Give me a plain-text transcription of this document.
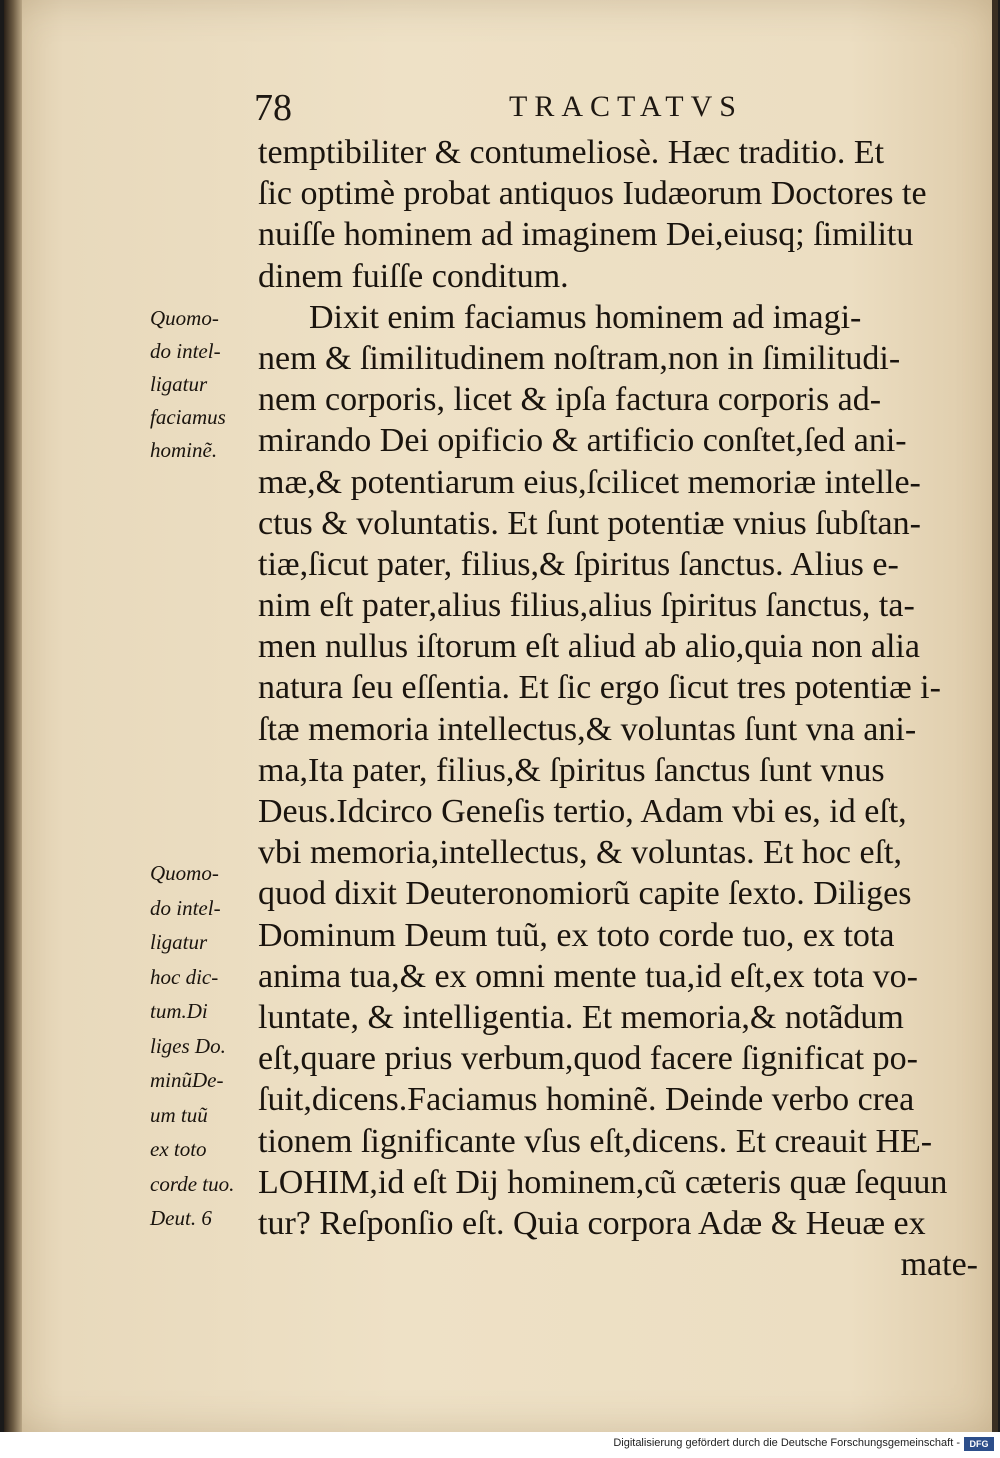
78	TRACTATVS
Quomo-
do intel-
ligatur
faciamus
hominẽ.
Quomo-
do intel-
ligatur
hoc dic-
tum.Di
liges Do.
minũDe-
um tuũ
ex toto
corde tuo.
Deut. 6
temptibiliter & contumeliosè. Hæc traditio. Et
ſic optimè probat antiquos Iudæorum Doctores te
nuiſſe hominem ad imaginem Dei,eiusq; ſimilitu
dinem fuiſſe conditum.
Dixit enim faciamus hominem ad imagi-
nem & ſimilitudinem noſtram,non in ſimilitudi-
nem corporis, licet & ipſa factura corporis ad-
mirando Dei opificio & artificio conſtet,ſed ani-
mæ,& potentiarum eius,ſcilicet memoriæ intelle-
ctus & voluntatis. Et ſunt potentiæ vnius ſubſtan-
tiæ,ſicut pater, filius,& ſpiritus ſanctus. Alius e-
nim eſt pater,alius filius,alius ſpiritus ſanctus, ta-
men nullus iſtorum eſt aliud ab alio,quia non alia
natura ſeu eſſentia. Et ſic ergo ſicut tres potentiæ i-
ſtæ memoria intellectus,& voluntas ſunt vna ani-
ma,Ita pater, filius,& ſpiritus ſanctus ſunt vnus
Deus.Idcirco Geneſis tertio, Adam vbi es, id eſt,
vbi memoria,intellectus, & voluntas. Et hoc eſt,
quod dixit Deuteronomiorũ capite ſexto. Diliges
Dominum Deum tuũ, ex toto corde tuo, ex tota
anima tua,& ex omni mente tua,id eſt,ex tota vo-
luntate, & intelligentia. Et memoria,& notãdum
eſt,quare prius verbum,quod facere ſignificat po-
ſuit,dicens.Faciamus hominẽ. Deinde verbo crea
tionem ſignificante vſus eſt,dicens. Et creauit HE-
LOHIM,id eſt Dij hominem,cũ cæteris quæ ſequun
tur? Reſponſio eſt. Quia corpora Adæ & Heuæ ex
mate-
Digitalisierung gefördert durch die Deutsche Forschungsgemeinschaft -	DFG
